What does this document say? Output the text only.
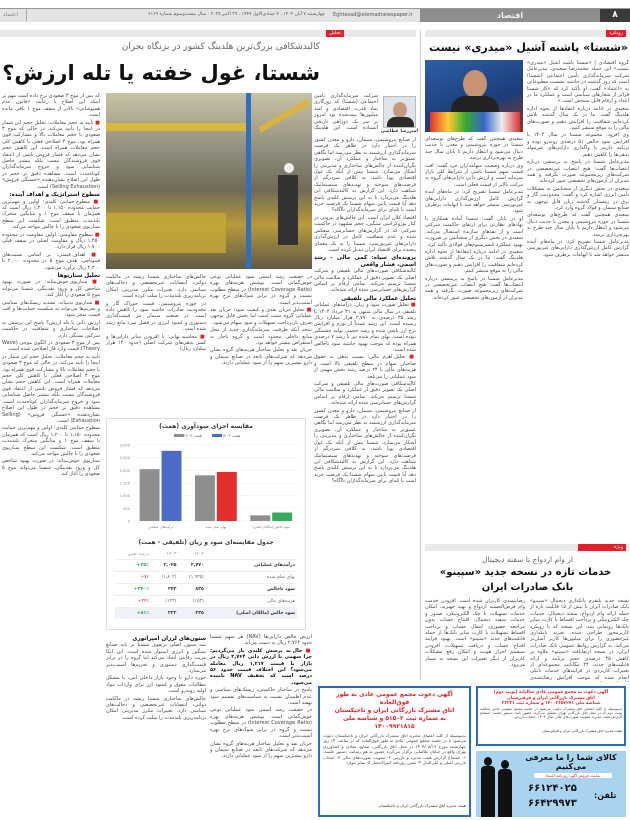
اعتماد	چهارشنبه ۷ آبان ۱۴۰۴ ، ۷ جمادی‌الاول ۱۴۴۷ ، ۲۹ اکتبر ۲۰۲۵ - سال بیست‌وسوم شماره ۶۱۶۹ Eghtesad@etemadnewspaper.ir	اقتصاد	۸
تحلیل	رویکرد
کالبدشکافی بزرگ‌ترین هلدینگ کشور در بزنگاه بحران
شستا، غول خفته یا تله ارزش؟
امیررضا عطاشی

شرکت سرمایه‌گذاری تأمین اجتماعی (شستا) که روزگاری نماد قدرت اقتصادی و امید میلیون‌ها بیمه‌شده بود امروز بر سر یک دوراهی تاریخی ایستاده است. این هلدینگ

از صنایع پتروشیمی، سیمان، دارو و معدن کشور را در اختیار دارد در ظاهر یک فرصت سرمایه‌گذاری ارزشمند به نظر می‌رسد اما نگاهی عمیق‌تر به ساختار و عملکرد آن، تصویری نگران‌کننده از چالش‌های ساختاری و مدیریتی را آشکار می‌سازد. شستا بیش از آنکه یک غول اقتصادی پویا باشد، به کلافی سردرگم از فرصت‌های سوخته و تهدیدهای سیستماتیک شباهت دارد. این گزارش به کالبدشکافی این هلدینگ می‌پردازد تا به این پرسش کلیدی پاسخ دهد آیا قیمت پایین سهام شستا یک فرصت خرید است یا تله‌ای برای سرمایه‌گذاران ناآگاه؟

اقتصاد کلان ایران است. این چالش‌های بیرونی در کنار بوروکراسی سنگین، حجم مشهود در حاکمیت شرکتی که در گزارش‌های حسابرسی منعکس شده و عدم شفافیت کامل در ارزش‌گذاری دارایی‌های غیربورسی، شستا را به یک معمای پیچیده برای اقتصاد ایران تبدیل کرده است.

پرونده‌ای سیاه: کمی مالی - رشد اسمی، فشار واقعی

کالبدشکافی صورت‌های مالی تلفیقی و شرکت اصلی یک تصویر دقیق از عملکرد و سلامت مالی شستا ترسیم می‌کند. تمامی ارقام بر اساس گزارش‌های حسابرسی شده ارائه شده‌اند.

تحلیل عملکرد مالی تلفیقی

■ تحلیل صورت سود و زیان: درآمدهای عملیاتی تلفیقی در سال مالی منتهی به ۳۱ خرداد ۱۴۰۴ با رشد ۳۵ درصدی به ۲,۷۷۰ هزار میلیارد ریال رسیده است. این رشد عمدتاً از تورم و افزایش نرخ ارز ناشی شده و رشد حجمی تولید چشمگیر نبوده است. بهای تمام شده نیز با رشد ۷ درصدی همراه بوده که موجب بهبود حاشیه سود ناخالص شده است.

■ تحلیل اهرم مالی: نسبت بدهی به حقوق صاحبان سهام در سطح تلفیقی بالا است و هزینه‌های مالی با ۲۴ درصد رشد بخش مهمی از سود عملیاتی را می‌بلعد.

کالبدشکافی صورت‌های مالی تلفیقی و شرکت اصلی یک تصویر دقیق از عملکرد و سلامت مالی شستا ترسیم می‌کند. تمامی ارقام بر اساس گزارش‌های حسابرسی شده ارائه شده‌اند.

از صنایع پتروشیمی، سیمان، دارو و معدن کشور را در اختیار دارد در ظاهر یک فرصت سرمایه‌گذاری ارزشمند به نظر می‌رسد اما نگاهی عمیق‌تر به ساختار و عملکرد آن، تصویری نگران‌کننده از چالش‌های ساختاری و مدیریتی را آشکار می‌سازد. شستا بیش از آنکه یک غول اقتصادی پویا باشد، به کلافی سردرگم از فرصت‌های سوخته و تهدیدهای سیستماتیک شباهت دارد. این گزارش به کالبدشکافی این هلدینگ می‌پردازد تا به این پرسش کلیدی پاسخ دهد آیا قیمت پایین سهام شستا یک فرصت خرید است یا تله‌ای برای سرمایه‌گذاران ناآگاه؟

در حقیقت رشد اسمی سود عملیاتی نوعی خوش‌گمانی است. پوشش هزینه‌های بهره (Interest Coverage Ratio) در سطح مطلوب نیست و گروه در برابر شوک‌های نرخ بهره آسیب‌پذیر است.

■ تحلیل جریان نقدی و کیفیت سود: جریان نقد عملیاتی گروه مثبت است اما بخش قابل توجهی صرف بازپرداخت تسهیلات و سود سهام می‌شود.

نتیجه آنکه ظرفیت سرمایه‌گذاری جدید از محل منابع داخلی محدود است و گروه ناچار به استقراض بیشتر خواهد بود.

جریان نقد و تحلیل ساختار هزینه‌های گروه نشان می‌دهد که شرکت‌های تابعه در صنایع سیمان و دارو بیشترین سهم را از سود عملیاتی دارند.

چالش‌های ساختاری شستا ریشه در مالکیت دولتی، انتصابات غیرتخصصی و دخالت‌های سیاسی دارد. تغییرات مکرر مدیریتی امکان برنامه‌ریزی بلندمدت را سلب کرده است.

در حوزه پتروشیمی، قیمت خوراک گاز و محدودیت صادرات حاشیه سود را کاهش داده است. در صنعت سیمان نیز قیمت‌گذاری دستوری و کمبود انرژی در فصل سرد مانع رشد شده است.

■ محاسبه نهایی: با افزودن سایر دارایی‌ها و کسر بدهی‌های شرکت اصلی (حدود ۱۴۰ هزار میلیارد ریال)

مقایسه اجزای سودآوری (همت)
همت ۱۴۰۳	همت ۱۴۰۴
0
500
1,000
1,500
2,000
2,500
3,000
درآمدهای عملیاتی	بهای تمام شده	سود خالص (مالکان اصلی)
جدول مقایسه‌ای سود و زیان (تلفیقی - همت)
	۱۴۰۴	۱۴۰۳	درصد تغییر
درآمدهای عملیاتی	۲,۷۷۰	۲,۰۴۵	۳۵٪+
بهای تمام شده	(۱,۹۳۵)	(۱,۸۰۲)	۷٪+
سود ناخالص	۸۳۵	۲۴۳	۲۴۰٪+
هزینه‌های مالی	(۱۵۳)	(۱۲۳)	۲۴٪+
سود خالص (مالکان اصلی)	۳۳۵	۲۲۲	۵۱٪+

ارزش خالص دارایی‌ها (NAV) هر سهم شستا حدود ۲,۷۶۴ ریال به دست می‌آید.

■ حال به پرسش کلیدی باز می‌گردیم: چرا سهمی با ارزش ذاتی ۲,۷۶۴ ریال در بازار با قیمت ۱,۲۱۷ ریال معامله می‌شود؟ این اختلاف قیمت حدود ۵۶ درصد است که تخفیف NAV نامیده می‌شود.

پاسخ در ساختار حاکمیتی، ریسک‌های سیاسی و عدم اطمینان نسبت به سیاست‌های تقسیم سود نهفته است.

در حقیقت رشد اسمی سود عملیاتی نوعی خوش‌گمانی است. پوشش هزینه‌های بهره (Interest Coverage Ratio) در سطح مطلوب نیست و گروه در برابر شوک‌های نرخ بهره آسیب‌پذیر است.

جریان نقد و تحلیل ساختار هزینه‌های گروه نشان می‌دهد که شرکت‌های تابعه در صنایع سیمان و دارو بیشترین سهم را از سود عملیاتی دارند.

ستون‌های لرزان امپراتوری

سه ستون اصلی پرتفوی شستا بر پایه صنایع سنگین و انرژی استوار شده است. این اتکا مزیت رقابتی ایجاد می‌کند اما گروه را در برابر قیمت‌گذاری دستوری و تحریم‌ها آسیب‌پذیر می‌سازد.

حوزه دارو با وجود بازار داخلی امن، با مشکل مطالبات معوق و کمبود ارز برای واردات مواد اولیه روبه‌رو است.

چالش‌های ساختاری شستا ریشه در مالکیت دولتی، انتصابات غیرتخصصی و دخالت‌های سیاسی دارد. تغییرات مکرر مدیریتی امکان برنامه‌ریزی بلندمدت را سلب کرده است.

که پس از موج ۳ صعودی نرخ داده است مهم تر اینکه این اصلاح با رعایت «قانون عدم همپوشانی» بالاتر از سقف موج ۱ باقی مانده است.

■ تأیید به حجم معاملات: تحلیل حجم این شمار در اینجا را تأیید می‌کند. در حالی که موج ۳ صعودی با حجم معاملات بالا و مشارکت قوی همراه بود، موج ۴ اصلاحی فعلی با کاهش کلی حجم معاملات همراه است. این کاهش حجم نشان می‌دهد که فشار فروش ناشی از اعتقاد قوی فروشندگان نیست بلکه بیشتر حاصل شناسایی سود و خروج سرمایه‌گذاران کوتاه‌مدت است. مشاهده دقیق تر حجم در طول این اصلاح نشان‌دهنده «خستگی فروش» (Selling Exhaustion) است.

سطوح استراتژیک و اهداف آینده:

■ سطوح حمایتی کلیدی: اولین و مهم‌ترین حمایت محدوده ۱,۱۵۰ تا ۱,۲۰۰ ریال است که همزمان با سقف موج ۱ و میانگین متحرک بلندمدت منطبق است. شکست این سطح سناریوی صعودی را با چالش مواجه می‌کند.

■ سطوح مقاومتی: اولین مقاومت در محدوده ۱,۴۵۰ ریال و مقاومت اصلی در سقف قبلی ۱,۷۰۰ ریال قرار دارد.

■ اهداف قیمتی: بر اساس نسبت‌های فیبوناچی، هدف موج ۵ در محدوده ۲,۰۰۰ تا ۲,۳۰۰ ریال برآورد می‌شود.

تحلیل سناریوها

■ سناریوی خوش‌بینانه: در صورت بهبود شاخص کل و ورود نقدینگی، شستا می‌تواند موج ۵ صعودی را آغاز کند.

■ سناریوی بدبینانه: تشدید ریسک‌های سیاسی و تحریم‌ها می‌تواند به شکست حمایت‌ها و افت قیمت منجر شود.

ارزش ذاتی یا تله ارزش؟ پاسخ این پرسش به اصلاحات ساختاری و شفافیت در حاکمیت شرکتی بستگی دارد.

پس از موج ۳ صعودی در الگوی موجی (Wave Theory) قیمت وارد فاز اصلاحی شده است.

تأیید به حجم معاملات: تحلیل حجم این شمار در اینجا را تأیید می‌کند. در حالی که موج ۳ صعودی با حجم معاملات بالا و مشارکت قوی همراه بود، موج ۴ اصلاحی فعلی با کاهش کلی حجم معاملات همراه است. این کاهش حجم نشان می‌دهد که فشار فروش ناشی از اعتقاد قوی فروشندگان نیست بلکه بیشتر حاصل شناسایی سود و خروج سرمایه‌گذاران کوتاه‌مدت است. مشاهده دقیق تر حجم در طول این اصلاح نشان‌دهنده «خستگی فروش» (Selling Exhaustion) است.

سطوح حمایتی کلیدی: اولین و مهم‌ترین حمایت محدوده ۱,۱۵۰ تا ۱,۲۰۰ ریال است که همزمان با سقف موج ۱ و میانگین متحرک بلندمدت منطبق است. شکست این سطح سناریوی صعودی را با چالش مواجه می‌کند.

سناریوی خوش‌بینانه: در صورت بهبود شاخص کل و ورود نقدینگی، شستا می‌تواند موج ۵ صعودی را آغاز کند.

«شستا» پاشنه آشیل «میدری» نیست

گروه اقتصادی | «شستا پاشنه آشیل «میدری» نیست» این جمله محمدرضا سعیدی، مدیرعامل شرکت سرمایه‌گذاری تأمین اجتماعی (شستا) است که روز گذشته در حاشیه نشست مطبوعاتی به «اعتماد» گفت. او تأکید کرد که «کار شستا فراتر از شعارهای سیاسی است و عملکرد ما در اعداد و ارقام قابل سنجش است.»

سعیدی در ادامه درباره انتقادها از نحوه اداره هلدینگ گفت: ما در یک سال گذشته تلاش کرده‌ایم شفافیت را افزایش دهیم و صورت‌های مالی را به موقع منتشر کنیم.

وی افزود: مجموعه شستا در سال ۱۴۰۴ با افزایش سود خالص ۵۱ درصدی روبه‌رو بوده و برنامه داریم با واگذاری دارایی‌های غیرمولد بدهی‌ها را کاهش دهیم.

مدیرعامل شستا در پاسخ به پرسشی درباره انتصاب‌ها گفت: هیچ انتصاب غیرتخصصی در شرکت‌های زیرمجموعه صورت نگرفته و همه مدیران از آزمون‌های تخصصی عبور کرده‌اند.

سعیدی در بخش دیگری از سخنانش به مشکلات تأمین انرژی اشاره کرد و گفت: محدودیت گاز و برق در زمستان گذشته زیان قابل توجهی به صنایع سیمان و فولاد گروه وارد کرد.

سعیدی همچنین گفت که طرح‌های توسعه‌ای شستا در حوزه پتروشیمی و معدن با جدیت دنبال می‌شود و انتظار داریم تا پایان سال چند طرح به بهره‌برداری برسد.

مدیرعامل شستا تصریح کرد: در ماه‌های آینده گزارش کامل ارزش‌گذاری دارایی‌های غیربورسی منتشر خواهد شد تا ابهامات برطرف شود.

سعیدی همچنین گفت که طرح‌های توسعه‌ای شستا در حوزه پتروشیمی و معدن با جدیت دنبال می‌شود و انتظار داریم تا پایان سال چند طرح به بهره‌برداری برسد.

وی درباره وضعیت سهامداران خرد گفت: افت قیمت سهم شستا ناشی از شرایط کلی بازار سرمایه است و ارزش ذاتی دارایی‌های گروه به مراتب بالاتر از قیمت فعلی است.

مدیرعامل شستا تصریح کرد: در ماه‌های آینده گزارش کامل ارزش‌گذاری دارایی‌های غیربورسی منتشر خواهد شد تا ابهامات برطرف شود.

او در پایان گفت: شستا آماده همکاری با نهادهای نظارتی برای ارتقای حاکمیت شرکتی است و از نقدهای سازنده استقبال می‌کند. سعیدی در بخش دیگری از سخنانش بر ضرورت بهبود عملکرد کنسرسیوم‌های فولادی تأکید کرد.

سعیدی در ادامه درباره انتقادها از نحوه اداره هلدینگ گفت: ما در یک سال گذشته تلاش کرده‌ایم شفافیت را افزایش دهیم و صورت‌های مالی را به موقع منتشر کنیم.

مدیرعامل شستا در پاسخ به پرسشی درباره انتصاب‌ها گفت: هیچ انتصاب غیرتخصصی در شرکت‌های زیرمجموعه صورت نگرفته و همه مدیران از آزمون‌های تخصصی عبور کرده‌اند.

ویژه
از وام ازدواج تا سفته دیجیتال
خدمات تازه در نسخه جدید «سپینو»
بانک صادرات ایران

نسخه جدید پلتفرم بانکداری دیجیتال «سپینو» بانک صادرات ایران با بیش از ۱۵ قابلیت تازه از جمله ارائه وام ازدواج، سفته دیجیتال، خدمات چک الکترونیکی و پرداخت اقساط با کارت سایر بانک‌ها رونمایی شد. این نسخه که با رویکرد کاربرمحور طراحی شده، تجربه بانکداری غیرحضوری را برای میلیون‌ها کاربر آسان‌تر می‌کند. به گزارش روابط عمومی بانک صادرات ایران، در نسخه ارتقایافته «سپینو» علاوه بر کاهش ۴۵ درصدی حجم برنامه و ارائه قابلیت‌های جدید، ۲۴ مگابایت مجموعه‌ای از تغییرات کاربردی در فرایندهای خدمات بانکی انجام شده که موجب افزایش رضایتمندی

رضایتمندی کاربران شده است. افزودن خدمت وام قرض‌الحسنه ازدواج و تهیه جهیزیه، امکان خدمات تسهیلات با چک الکترونیکی، صدور و خدمات سفته دیجیتال، افتتاح حساب بدون مراجعه حضوری، انتقال حساب و پرداخت اقساط تسهیلات با کارت سایر بانک‌ها از جمله قابلیت‌های جدید «سپینو» است. بهبود فرایند افتتاح حساب و دریافت تسهیلات، افزودن سیستم احراز هویت و امکان رفع مشکلات کاربران از دیگر تغییرات این نسخه به شمار می‌رود.

آگهی دعوت مجمع عمومی عادی به طور فوق‌العاده
اتاق مشترک بازرگانی ایران و تاجیکستان
به شماره ثبت ۵۱۵۰۲ و شناسه ملی ۱۴۰۰۹۹۲۱۸۱۵
بدینوسیله از کلیه اعضای محترم اتاق مشترک بازرگانی ایران و تاجیکستان دعوت می‌شود تا در جلسه مجمع عمومی عادی به طور فوق‌العاده که در ساعت ۱۴ روز چهارشنبه مورخ ۱۴۰۴/۰۸/۱۹ در محل اتاق بازرگانی، صنایع، معادن و کشاورزی تهران واقع در خیابان طالقانی برگزار می‌گردد حضور به هم رسانند. دستور جلسه: ۱- استماع گزارش هیئت مدیره و بازرس ۲- تصویب صورت‌های مالی ۳- انتخاب بازرس اصلی و علی‌البدل ۴- تعیین روزنامه کثیرالانتشار ۵- سایر موارد
هیئت مدیره اتاق مشترک بازرگانی ایران و تاجیکستان
آگهی دعوت به مجمع عمومی عادی سالیانه (نوبت دوم)
اتاق مشترک بازرگانی ایران و قرقیزستان
شناسه ملی ۱۴۰۰۳۶۵۲۲۷۱ و شماره ثبت ۳۶۳۳۱
بدینوسیله از کلیه اعضای اتاق مشترک دعوت می‌شود در جلسه مجمع عمومی عادی سالیانه نوبت دوم که در محل اتاق بازرگانی تهران تشکیل می‌گردد حضور یابند. دستور جلسه: استماع گزارش هیئت مدیره، تصویب صورت‌های مالی سال ۱۴۰۳، انتخاب بازرس.
هیئت مدیره اتاق مشترک بازرگانی ایران و قرقیزستان
کالای شما را ما معرفی می‌کنیم
نماینده فروش آگهی روزنامه اعتماد
تلفن:
۶۶۱۲۴۰۲۵
۶۶۴۲۹۹۷۳
